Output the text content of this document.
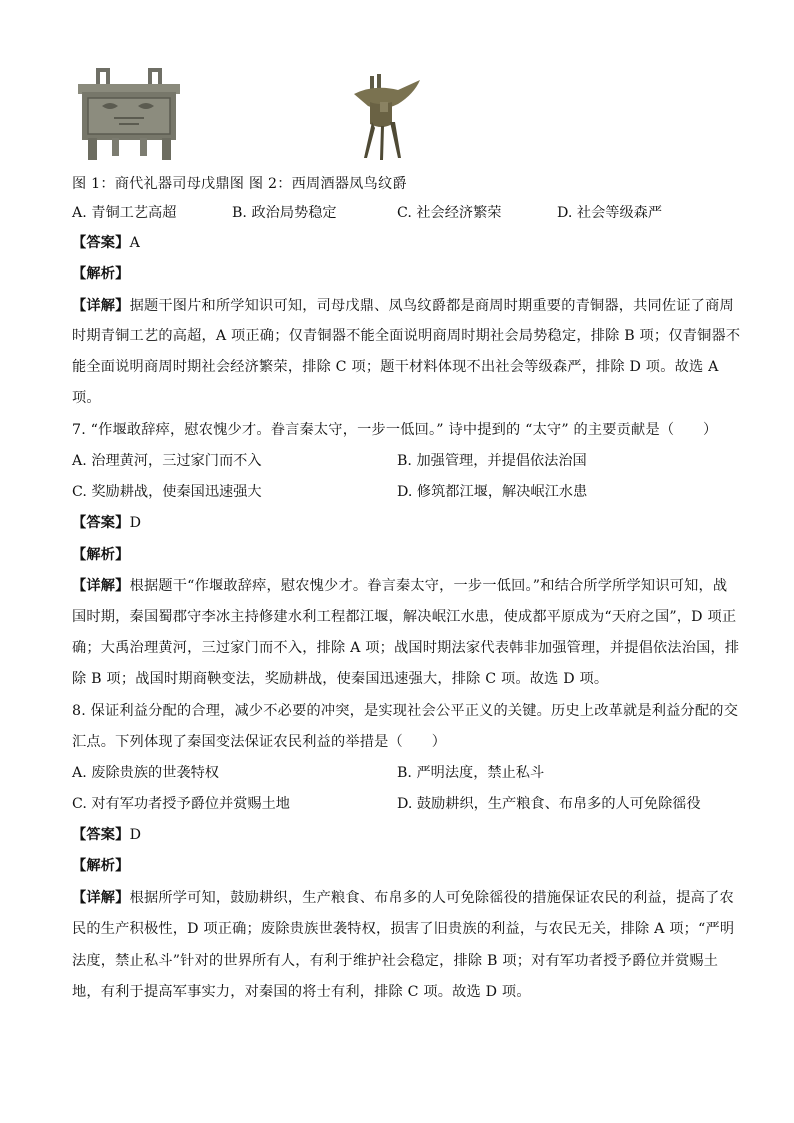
图 1：商代礼器司母戊鼎图 图 2：西周酒器凤鸟纹爵
A. 青铜工艺高超	B. 政治局势稳定	C. 社会经济繁荣	D. 社会等级森严
【答案】A
【解析】
【详解】据题干图片和所学知识可知，司母戊鼎、凤鸟纹爵都是商周时期重要的青铜器，共同佐证了商周
时期青铜工艺的高超，A 项正确；仅青铜器不能全面说明商周时期社会局势稳定，排除 B 项；仅青铜器不
能全面说明商周时期社会经济繁荣，排除 C 项；题干材料体现不出社会等级森严，排除 D 项。故选 A
项。
7. “作堰敢辞瘁，慰农愧少才。眷言秦太守，一步一低回。” 诗中提到的 “太守” 的主要贡献是（　　）
A. 治理黄河，三过家门而不入	B. 加强管理，并提倡依法治国
C. 奖励耕战，使秦国迅速强大	D. 修筑都江堰，解决岷江水患
【答案】D
【解析】
【详解】根据题干“作堰敢辞瘁，慰农愧少才。眷言秦太守，一步一低回。”和结合所学所学知识可知，战
国时期，秦国蜀郡守李冰主持修建水利工程都江堰，解决岷江水患，使成都平原成为“天府之国”，D 项正
确；大禹治理黄河，三过家门而不入，排除 A 项；战国时期法家代表韩非加强管理，并提倡依法治国，排
除 B 项；战国时期商鞅变法，奖励耕战，使秦国迅速强大，排除 C 项。故选 D 项。
8. 保证利益分配的合理，减少不必要的冲突，是实现社会公平正义的关键。历史上改革就是利益分配的交
汇点。下列体现了秦国变法保证农民利益的举措是（　　）
A. 废除贵族的世袭特权	B. 严明法度，禁止私斗
C. 对有军功者授予爵位并赏赐土地	D. 鼓励耕织，生产粮食、布帛多的人可免除徭役
【答案】D
【解析】
【详解】根据所学可知，鼓励耕织，生产粮食、布帛多的人可免除徭役的措施保证农民的利益，提高了农
民的生产积极性，D 项正确；废除贵族世袭特权，损害了旧贵族的利益，与农民无关，排除 A 项；“严明
法度，禁止私斗”针对的世界所有人，有利于维护社会稳定，排除 B 项；对有军功者授予爵位并赏赐土
地，有利于提高军事实力，对秦国的将士有利，排除 C 项。故选 D 项。
